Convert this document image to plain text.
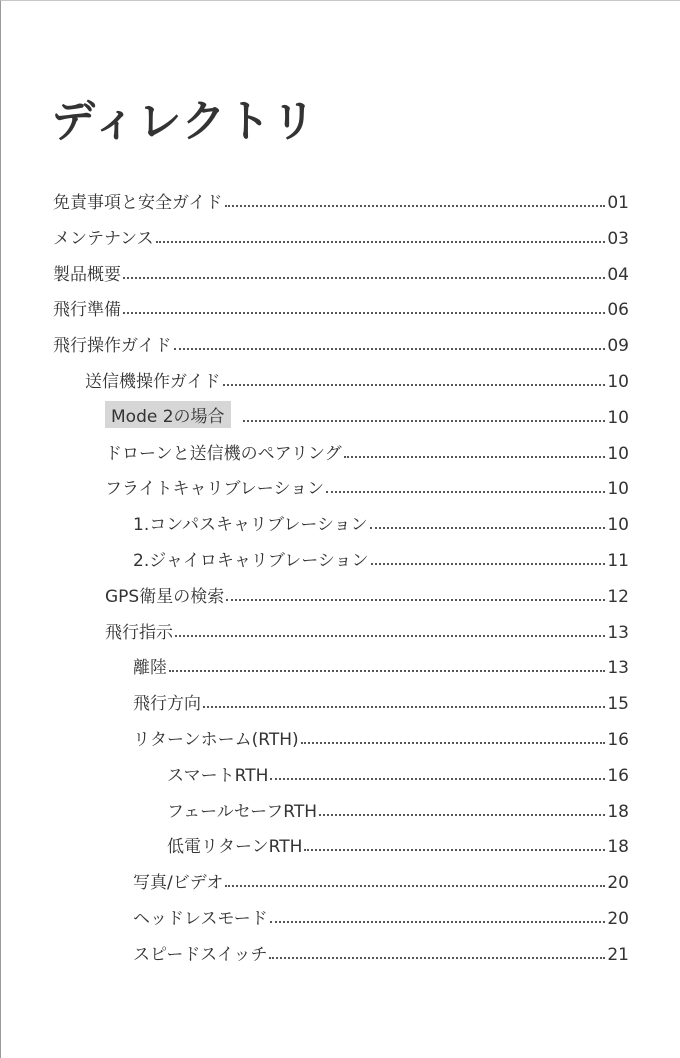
ディレクトリ
免責事項と安全ガイド	01
メンテナンス	03
製品概要	04
飛行準備	06
飛行操作ガイド	09
送信機操作ガイド	10
Mode 2の場合	10
ドローンと送信機のペアリング	10
フライトキャリブレーション	10
1.コンパスキャリブレーション	10
2.ジャイロキャリブレーション	11
GPS衛星の検索	12
飛行指示	13
離陸	13
飛行方向	15
リターンホーム(RTH)	16
スマートRTH	16
フェールセーフRTH	18
低電リターンRTH	18
写真/ビデオ	20
ヘッドレスモード	20
スピードスイッチ	21
